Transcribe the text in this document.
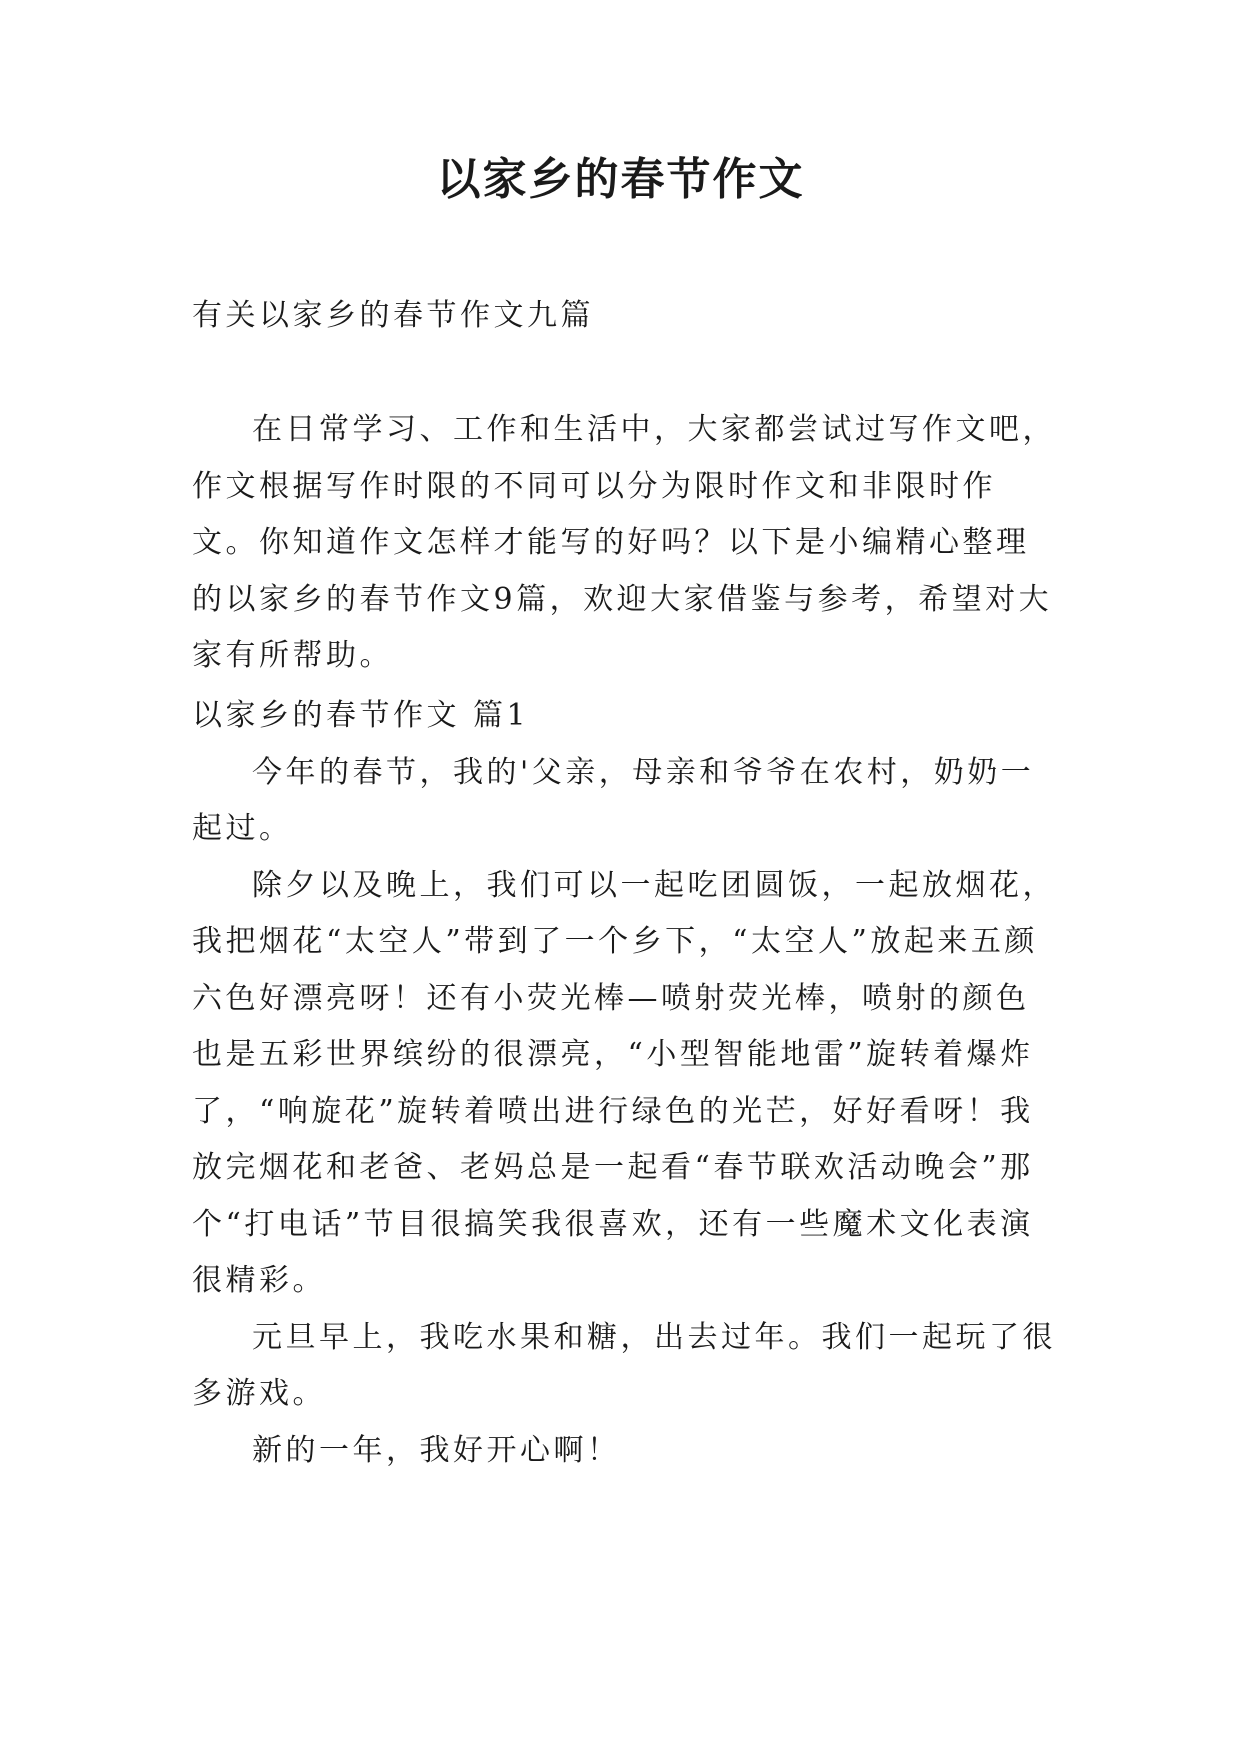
以家乡的春节作文

有关以家乡的春节作文九篇

在日常学习、工作和生活中，大家都尝试过写作文吧，作文根据写作时限的不同可以分为限时作文和非限时作文。你知道作文怎样才能写的好吗？以下是小编精心整理的以家乡的春节作文9篇，欢迎大家借鉴与参考，希望对大家有所帮助。

以家乡的春节作文 篇1

今年的春节，我的'父亲，母亲和爷爷在农村，奶奶一起过。

除夕以及晚上，我们可以一起吃团圆饭，一起放烟花，我把烟花“太空人”带到了一个乡下，“太空人”放起来五颜六色好漂亮呀！还有小荧光棒—喷射荧光棒，喷射的颜色也是五彩世界缤纷的很漂亮，“小型智能地雷”旋转着爆炸了，“响旋花”旋转着喷出进行绿色的光芒，好好看呀！我放完烟花和老爸、老妈总是一起看“春节联欢活动晚会”那个“打电话”节目很搞笑我很喜欢，还有一些魔术文化表演很精彩。

元旦早上，我吃水果和糖，出去过年。我们一起玩了很多游戏。

新的一年，我好开心啊！
